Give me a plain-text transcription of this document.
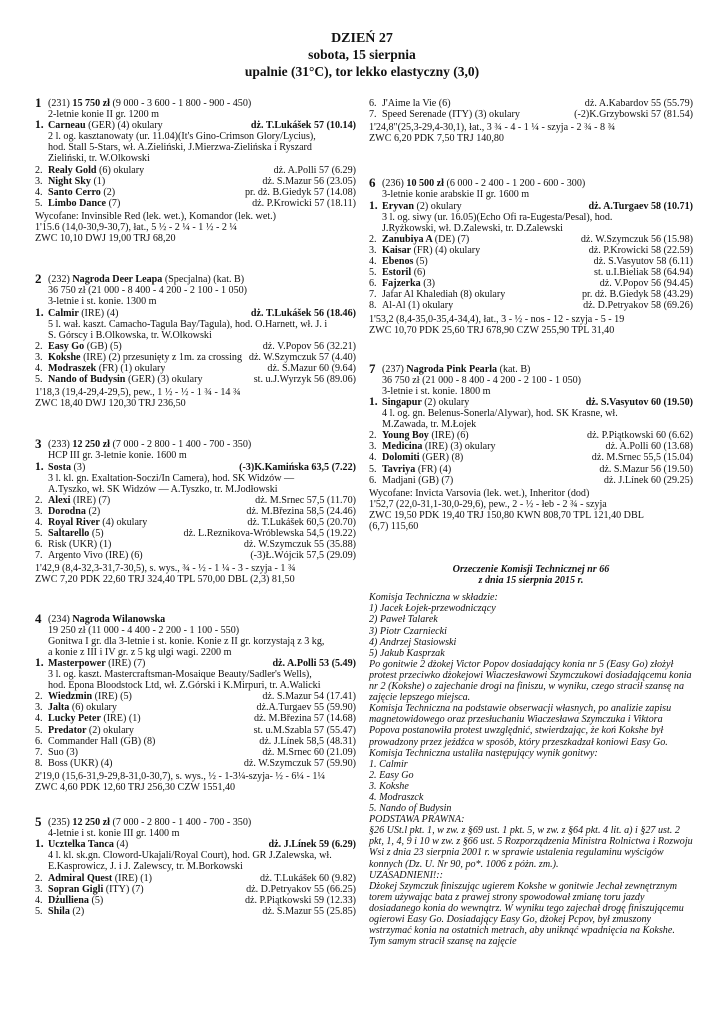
DZIEŃ 27
sobota, 15 sierpnia
upalnie (31°C), tor lekko elastyczny (3,0)
1 (231) 15 750 zł (9 000 - 3 600 - 1 800 - 900 - 450)
2-letnie konie II gr. 1200 m
1. Carneau (GER) (4) okulary	dż. T.Lukášek 57 (10.14)
2 l. og. kasztanowaty (ur. 11.04)(It's Gino-Crimson Glory/Lycius),
hod. Stall 5-Stars, wł. A.Zieliński, J.Mierzwa-Zielińska i Ryszard
Zieliński, tr. W.Olkowski
2. Realy Gold (6) okulary	dż. A.Polli 57 (6.29)
3. Night Sky (1)	dż. S.Mazur 56 (23.05)
4. Santo Cerro (2)	pr. dż. B.Giedyk 57 (14.08)
5. Limbo Dance (7)	dż. P.Krowicki 57 (18.11)
Wycofane: Invinsible Red (lek. wet.), Komandor (lek. wet.)
1'15.6 (14,0-30,9-30,7), łat., 5 ½ - 2 ¼ - 1 ½ - 2 ¼
ZWC 10,10 DWJ 19,00 TRJ 68,20
2 (232) Nagroda Deer Leapa (Specjalna) (kat. B)
36 750 zł (21 000 - 8 400 - 4 200 - 2 100 - 1 050)
3-letnie i st. konie. 1300 m
1. Calmir (IRE) (4)	dż. T.Lukášek 56 (18.46)
5 l. wał. kaszt. Camacho-Tagula Bay/Tagula), hod. O.Harnett, wł. J. i
S. Górscy i B.Olkowska, tr. W.Olkowski
2. Easy Go (GB) (5)	dż. V.Popov 56 (32.21)
3. Kokshe (IRE) (2) przesunięty z 1m. za crossing dż. W.Szymczuk 57 (4.40)
4. Modraszek (FR) (1) okulary	dż. S.Mazur 60 (9.64)
5. Nando of Budysin (GER) (3) okulary	st. u.J.Wyrzyk 56 (89.06)
1'18,3 (19,4-29,4-29,5), pew., 1 ½ - ½ - 1 ¾ - 14 ¾
ZWC 18,40 DWJ 120,30 TRJ 236,50
3 (233) 12 250 zł (7 000 - 2 800 - 1 400 - 700 - 350)
HCP III gr. 3-letnie konie. 1600 m
1. Sosta (3)	(-3)K.Kamińska 63,5 (7.22)
3 l. kl. gn. Exaltation-Soczi/In Camera), hod. SK Widzów —
A.Tyszko, wł. SK Widzów — A.Tyszko, tr. M.Jodłowski
2. Alexi (IRE) (7)	dż. M.Srnec 57,5 (11.70)
3. Dorodna (2)	dż. M.Březina 58,5 (24.46)
4. Royal River (4) okulary	dż. T.Lukášek 60,5 (20.70)
5. Saltarello (5)	dż. L.Reznikova-Wróblewska 54,5 (19.22)
6. Risk (UKR) (1)	dż. W.Szymczuk 55 (35.88)
7. Argento Vivo (IRE) (6)	(-3)Ł.Wójcik 57,5 (29.09)
1'42,9 (8,4-32,3-31,7-30,5), s. wys., ¾ - ½ - 1 ¼ - 3 - szyja - 1 ¾
ZWC 7,20 PDK 22,60 TRJ 324,40 TPL 570,00 DBL (2,3) 81,50
4 (234) Nagroda Wilanowska
19 250 zł (11 000 - 4 400 - 2 200 - 1 100 - 550)
Gonitwa I gr. dla 3-letnie i st. konie. Konie z II gr. korzystają z 3 kg,
a konie z III i IV gr. z 5 kg ulgi wagi. 2200 m
1. Masterpower (IRE) (7)	dż. A.Polli 53 (5.49)
3 l. og. kaszt. Mastercraftsman-Mosaique Beauty/Sadler's Wells),
hod. Epona Bloodstock Ltd, wł. Z.Górski i K.Mirpuri, tr. A.Walicki
2. Wiedzmin (IRE) (5)	dż. S.Mazur 54 (17.41)
3. Jalta (6) okulary	dż.A.Turgaev 55 (59.90)
4. Lucky Peter (IRE) (1)	dż. M.Březina 57 (14.68)
5. Predator (2) okulary	st. u.M.Szabla 57 (55.47)
6. Commander Hall (GB) (8)	dż. J.Línek 58,5 (48.31)
7. Suo (3)	dż. M.Srnec 60 (21.09)
8. Boss (UKR) (4)	dż. W.Szymczuk 57 (59.90)
2'19,0 (15,6-31,9-29,8-31,0-30,7), s. wys., ½ - 1-3¼-szyja- ½ - 6¼ - 1¼
ZWC 4,60 PDK 12,60 TRJ 256,30 CZW 1551,40
5 (235) 12 250 zł (7 000 - 2 800 - 1 400 - 700 - 350)
4-letnie i st. konie III gr. 1400 m
1. Ucztelka Tanca (4)	dż. J.Línek 59 (6.29)
4 l. kl. sk.gn. Cloword-Ukajali/Royal Court), hod. GR J.Zalewska, wł.
E.Kasprowicz, J. i J. Zalewscy, tr. M.Borkowski
2. Admiral Quest (IRE) (1)	dż. T.Lukášek 60 (9.82)
3. Sopran Gigli (ITY) (7)	dż. D.Petryakov 55 (66.25)
4. Dżulliena (5)	dż. P.Piątkowski 59 (12.33)
5. Shila (2)	dż. S.Mazur 55 (25.85)
6. J'Aime la Vie (6)	dż. A.Kabardov 55 (55.79)
7. Speed Serenade (ITY) (3) okulary	(-2)K.Grzybowski 57 (81.54)
1'24,8"(25,3-29,4-30,1), łat., 3 ¾ - 4 - 1 ¼ - szyja - 2 ¾ - 8 ¾
ZWC 6,20 PDK 7,50 TRJ 140,80
6 (236) 10 500 zł (6 000 - 2 400 - 1 200 - 600 - 300)
3-letnie konie arabskie II gr. 1600 m
1. Eryvan (2) okulary	dż. A.Turgaev 58 (10.71)
3 l. og. siwy (ur. 16.05)(Echo Ofi ra-Eugesta/Pesal), hod.
J.Ryżkowski, wł. D.Zalewski, tr. D.Zalewski
2. Zanubiya A (DE) (7)	dż. W.Szymczuk 56 (15.98)
3. Kaisar (FR) (4) okulary	dż. P.Krowicki 58 (22.59)
4. Ebenos (5)	dż. S.Vasyutov 58 (6.11)
5. Estoril (6)	st. u.I.Bieliak 58 (64.94)
6. Fajzerka (3)	dż. V.Popov 56 (94.45)
7. Jafar Al Khalediah (8) okulary	pr. dż. B.Giedyk 58 (43.29)
8. Al-Al (1) okulary	dż. D.Petryakov 58 (69.26)
1'53,2 (8,4-35,0-35,4-34,4), łat., 3 - ½ - nos - 12 - szyja - 5 - 19
ZWC 10,70 PDK 25,60 TRJ 678,90 CZW 255,90 TPL 31,40
7 (237) Nagroda Pink Pearla (kat. B)
36 750 zł (21 000 - 8 400 - 4 200 - 2 100 - 1 050)
3-letnie i st. konie. 1800 m
1. Singapur (2) okulary	dż. S.Vasyutov 60 (19.50)
4 l. og. gn. Belenus-Sonerla/Alywar), hod. SK Krasne, wł.
M.Zawada, tr. M.Łojek
2. Young Boy (IRE) (6)	dż. P.Piątkowski 60 (6.62)
3. Medicina (IRE) (3) okulary	dż. A.Polli 60 (13.68)
4. Dolomiti (GER) (8)	dż. M.Srnec 55,5 (15.04)
5. Tavriya (FR) (4)	dż. S.Mazur 56 (19.50)
6. Madjani (GB) (7)	dż. J.Línek 60 (29.25)
Wycofane: Invicta Varsovia (lek. wet.), Inheritor (dod)
1'52,7 (22,0-31,1-30,0-29,6), pew., 2 - ½ - łeb - 2 ¾ - szyja
ZWC 19,50 PDK 19,40 TRJ 150,80 KWN 808,70 TPL 121,40 DBL
(6,7) 115,60
Orzeczenie Komisji Technicznej nr 66
z dnia 15 sierpnia 2015 r.

Komisja Techniczna w składzie:

1) Jacek Łojek-przewodniczący

2) Paweł Talarek

3) Piotr Czarniecki

4) Andrzej Stasiowski

5) Jakub Kasprzak

Po gonitwie 2 dżokej Victor Popov dosiadający konia nr 5 (Easy Go) złożył protest przeciwko dżokejowi Wiaczesławowi Szymczukowi dosiadającemu konia nr 2 (Kokshe) o zajechanie drogi na finiszu, w wyniku, czego stracił szansę na zajęcie lepszego miejsca.

Komisja Techniczna na podstawie obserwacji własnych, po analizie zapisu magnetowidowego oraz przesłuchaniu Wiaczesława Szymczuka i Viktora Popova postanowiła protest uwzględnić, stwierdzając, że koń Kokshe był prowadzony przez jeźdźca w sposób, który przeszkadzał koniowi Easy Go.

Komisja Techniczna ustaliła następujący wynik gonitwy:

1. Calmir

2. Easy Go

3. Kokshe

4. Modraszck

5. Nando of Budysin

PODSTAWA PRAWNA:

§26 USt.l pkt. 1, w zw. z §69 ust. 1 pkt. 5, w zw. z §64 pkt. 4 lit. a) i §27 ust. 2 pkt, 1, 4, 9 i 10 w zw. z §66 ust. 5 Rozporządzenia Ministra Rolnictwa i Rozwoju Wsi z dnia 23 sierpnia 2001 r. w sprawie ustalenia regulaminu wyścigów konnych (Dz. U. Nr 90, po*. 1006 z póżn. zm.).

UZASADNIENI!::

Dżokej Szymczuk finiszując ugierem Kokshe w gonitwie Jechał zewnętrznym torem używając bata z prawej strony spowodował zmianę toru jazdy dosiadanego konia do wewnątrz. W wyniku tego zajechał drogę finiszującemu ogierowi Easy Go. Dosiadający Easy Go, dżokej Pcpov, był zmuszony wstrzymać konia na ostatnich metrach, aby uniknąć wpadnięcia na Kokshe. Tym samym stracił szansę na zajęcie
